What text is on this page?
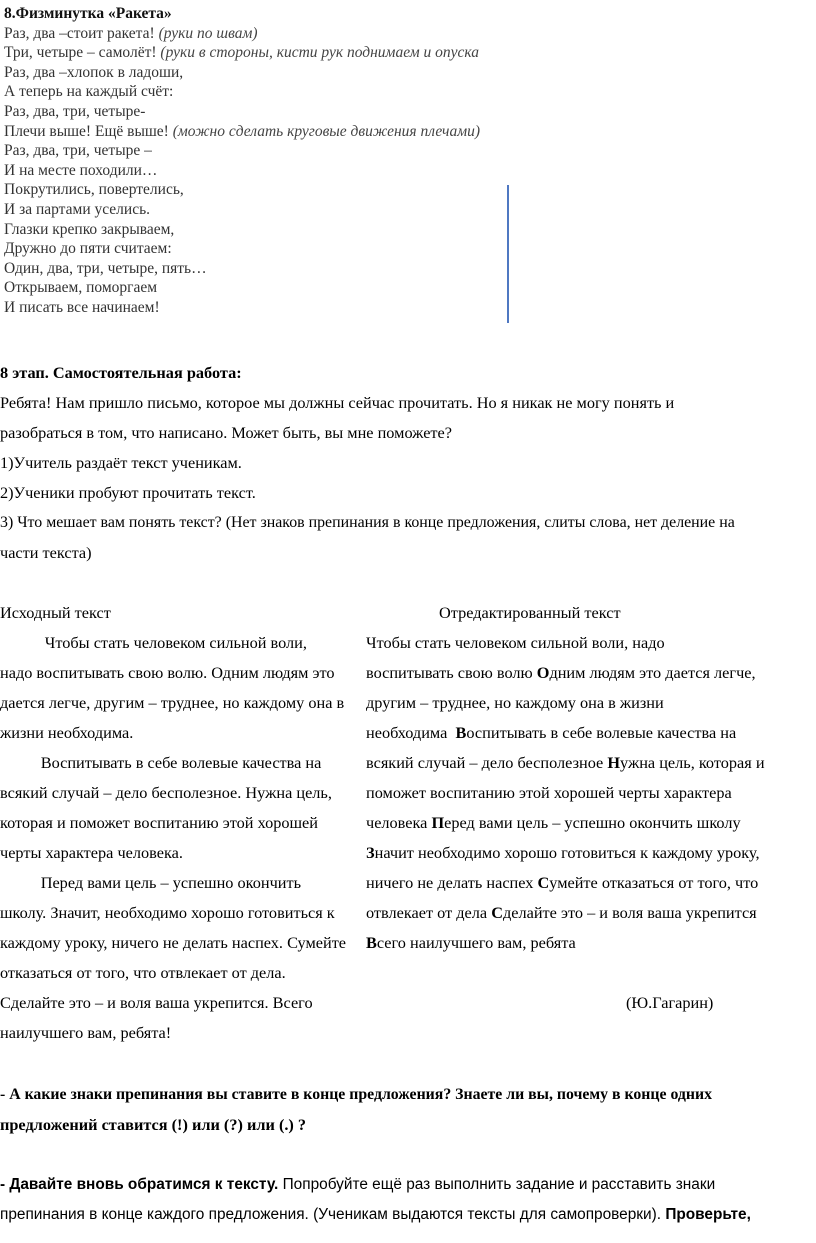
8.Физминутка «Ракета»
Раз, два –стоит ракета! (руки по швам)
Три, четыре – самолёт! (руки в стороны, кисти рук поднимаем и опуска
Раз, два –хлопок в ладоши,
А теперь на каждый счёт:
Раз, два, три, четыре-
Плечи выше! Ещё выше! (можно сделать круговые движения плечами)
Раз, два, три, четыре –
И на месте походили…
Покрутились, повертелись,
И за партами уселись.
Глазки крепко закрываем,
Дружно до пяти считаем:
Один, два, три, четыре, пять…
Открываем, поморгаем
И писать все начинаем!
8 этап. Самостоятельная работа:
Ребята! Нам пришло письмо, которое мы должны сейчас прочитать. Но я никак не могу понять и
разобраться в том, что написано. Может быть, вы мне поможете?
1)Учитель раздаёт текст ученикам.
2)Ученики пробуют прочитать текст.
3) Что мешает вам понять текст? (Нет знаков препинания в конце предложения, слиты слова, нет деление на
части текста)
Исходный текст	Отредактированный текст
Чтобы стать человеком сильной воли,
надо воспитывать свою волю. Одним людям это
дается легче, другим – труднее, но каждому она в
жизни необходима.
Воспитывать в себе волевые качества на
всякий случай – дело бесполезное. Нужна цель,
которая и поможет воспитанию этой хорошей
черты характера человека.
Перед вами цель – успешно окончить
школу. Значит, необходимо хорошо готовиться к
каждому уроку, ничего не делать наспех. Сумейте
отказаться от того, что отвлекает от дела.
Сделайте это – и воля ваша укрепится. Всего
наилучшего вам, ребята!
Чтобы стать человеком сильной воли, надо
воспитывать свою волю Одним людям это дается легче,
другим – труднее, но каждому она в жизни
необходима  Воспитывать в себе волевые качества на
всякий случай – дело бесполезное Нужна цель, которая и
поможет воспитанию этой хорошей черты характера
человека Перед вами цель – успешно окончить школу
Значит необходимо хорошо готовиться к каждому уроку,
ничего не делать наспех Сумейте отказаться от того, что
отвлекает от дела Сделайте это – и воля ваша укрепится
Всего наилучшего вам, ребята
(Ю.Гагарин)
- А какие знаки препинания вы ставите в конце предложения? Знаете ли вы, почему в конце одних
предложений ставится (!) или (?) или (.) ?
- Давайте вновь обратимся к тексту. Попробуйте ещё раз выполнить задание и расставить знаки
препинания в конце каждого предложения. (Ученикам выдаются тексты для самопроверки). Проверьте,
